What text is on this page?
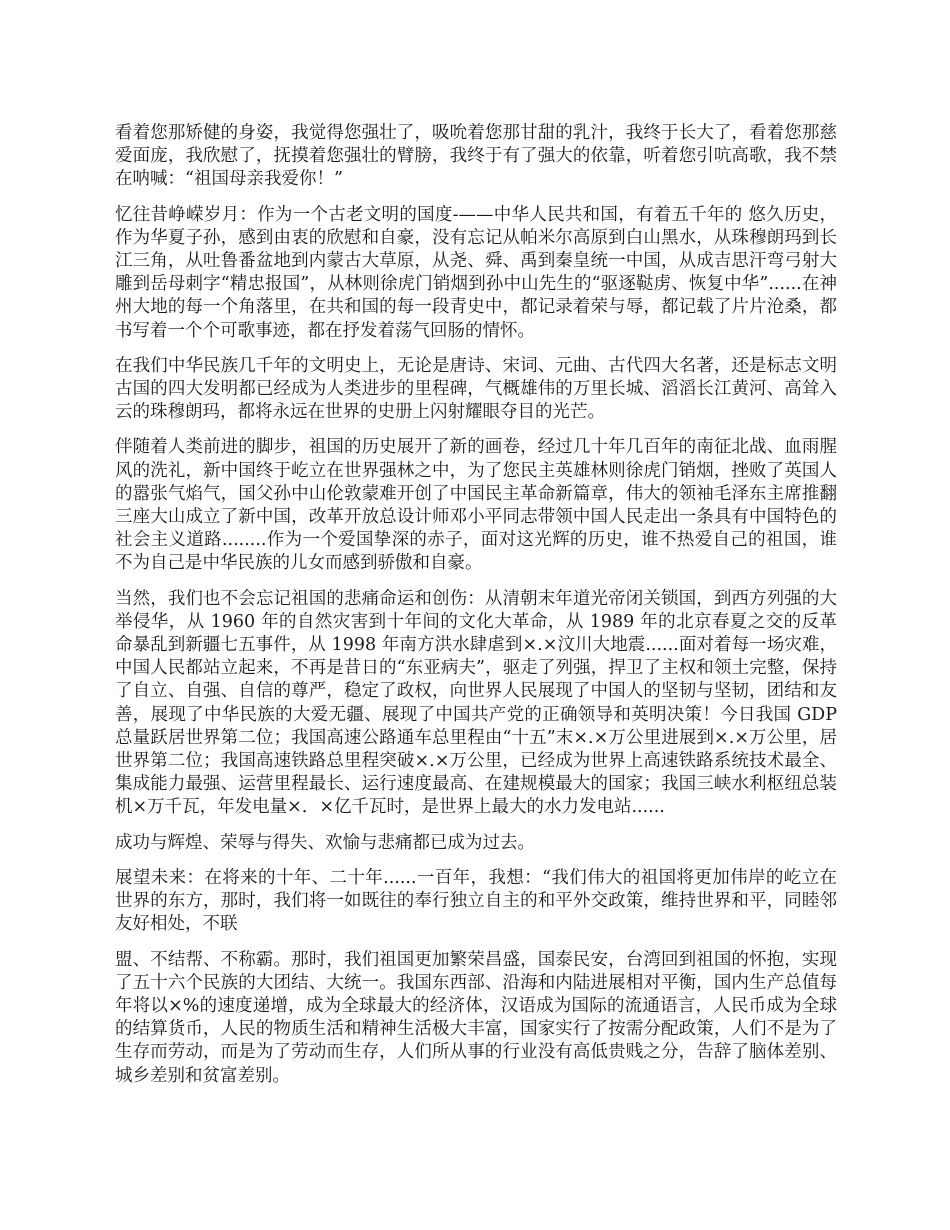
看着您那矫健的身姿，我觉得您强壮了，吸吮着您那甘甜的乳汁，我终于长大了，看着您那慈爱面庞，我欣慰了，抚摸着您强壮的臂膀，我终于有了强大的依靠，听着您引吭高歌，我不禁在呐喊：“祖国母亲我爱你！”

忆往昔峥嵘岁月：作为一个古老文明的国度-——中华人民共和国，有着五千年的 悠久历史，作为华夏子孙，感到由衷的欣慰和自豪，没有忘记从帕米尔高原到白山黑水，从珠穆朗玛到长江三角，从吐鲁番盆地到内蒙古大草原，从尧、舜、禹到秦皇统一中国，从成吉思汗弯弓射大雕到岳母刺字“精忠报国”，从林则徐虎门销烟到孙中山先生的“驱逐鞑虏、恢复中华”......在神州大地的每一个角落里，在共和国的每一段青史中，都记录着荣与辱，都记载了片片沧桑，都书写着一个个可歌事迹，都在抒发着荡气回肠的情怀。

在我们中华民族几千年的文明史上，无论是唐诗、宋词、元曲、古代四大名著，还是标志文明古国的四大发明都已经成为人类进步的里程碑，气概雄伟的万里长城、滔滔长江黄河、高耸入云的珠穆朗玛，都将永远在世界的史册上闪射耀眼夺目的光芒。

伴随着人类前进的脚步，祖国的历史展开了新的画卷，经过几十年几百年的南征北战、血雨腥风的洗礼，新中国终于屹立在世界强林之中，为了您民主英雄林则徐虎门销烟，挫败了英国人的嚣张气焰气，国父孙中山伦敦蒙难开创了中国民主革命新篇章，伟大的领袖毛泽东主席推翻三座大山成立了新中国，改革开放总设计师邓小平同志带领中国人民走出一条具有中国特色的社会主义道路........作为一个爱国挚深的赤子，面对这光辉的历史，谁不热爱自己的祖国，谁不为自己是中华民族的儿女而感到骄傲和自豪。

当然，我们也不会忘记祖国的悲痛命运和创伤：从清朝末年道光帝闭关锁国，到西方列强的大举侵华，从 1960 年的自然灾害到十年间的文化大革命，从 1989 年的北京春夏之交的反革命暴乱到新疆七五事件，从 1998 年南方洪水肆虐到×.×汶川大地震......面对着每一场灾难，中国人民都站立起来，不再是昔日的“东亚病夫”，驱走了列强，捍卫了主权和领土完整，保持了自立、自强、自信的尊严，稳定了政权，向世界人民展现了中国人的坚韧与坚韧，团结和友善，展现了中华民族的大爱无疆、展现了中国共产党的正确领导和英明决策！今日我国 GDP 总量跃居世界第二位；我国高速公路通车总里程由“十五”末×.×万公里进展到×.×万公里，居世界第二位；我国高速铁路总里程突破×.×万公里，已经成为世界上高速铁路系统技术最全、集成能力最强、运营里程最长、运行速度最高、在建规模最大的国家；我国三峡水利枢纽总装机×万千瓦，年发电量×．×亿千瓦时，是世界上最大的水力发电站......

成功与辉煌、荣辱与得失、欢愉与悲痛都已成为过去。

展望未来：在将来的十年、二十年......一百年，我想：“我们伟大的祖国将更加伟岸的屹立在世界的东方，那时，我们将一如既往的奉行独立自主的和平外交政策，维持世界和平，同睦邻友好相处，不联

盟、不结帮、不称霸。那时，我们祖国更加繁荣昌盛，国泰民安，台湾回到祖国的怀抱，实现了五十六个民族的大团结、大统一。我国东西部、沿海和内陆进展相对平衡，国内生产总值每年将以×%的速度递增，成为全球最大的经济体，汉语成为国际的流通语言，人民币成为全球的结算货币，人民的物质生活和精神生活极大丰富，国家实行了按需分配政策，人们不是为了生存而劳动，而是为了劳动而生存，人们所从事的行业没有高低贵贱之分，告辞了脑体差别、城乡差别和贫富差别。
